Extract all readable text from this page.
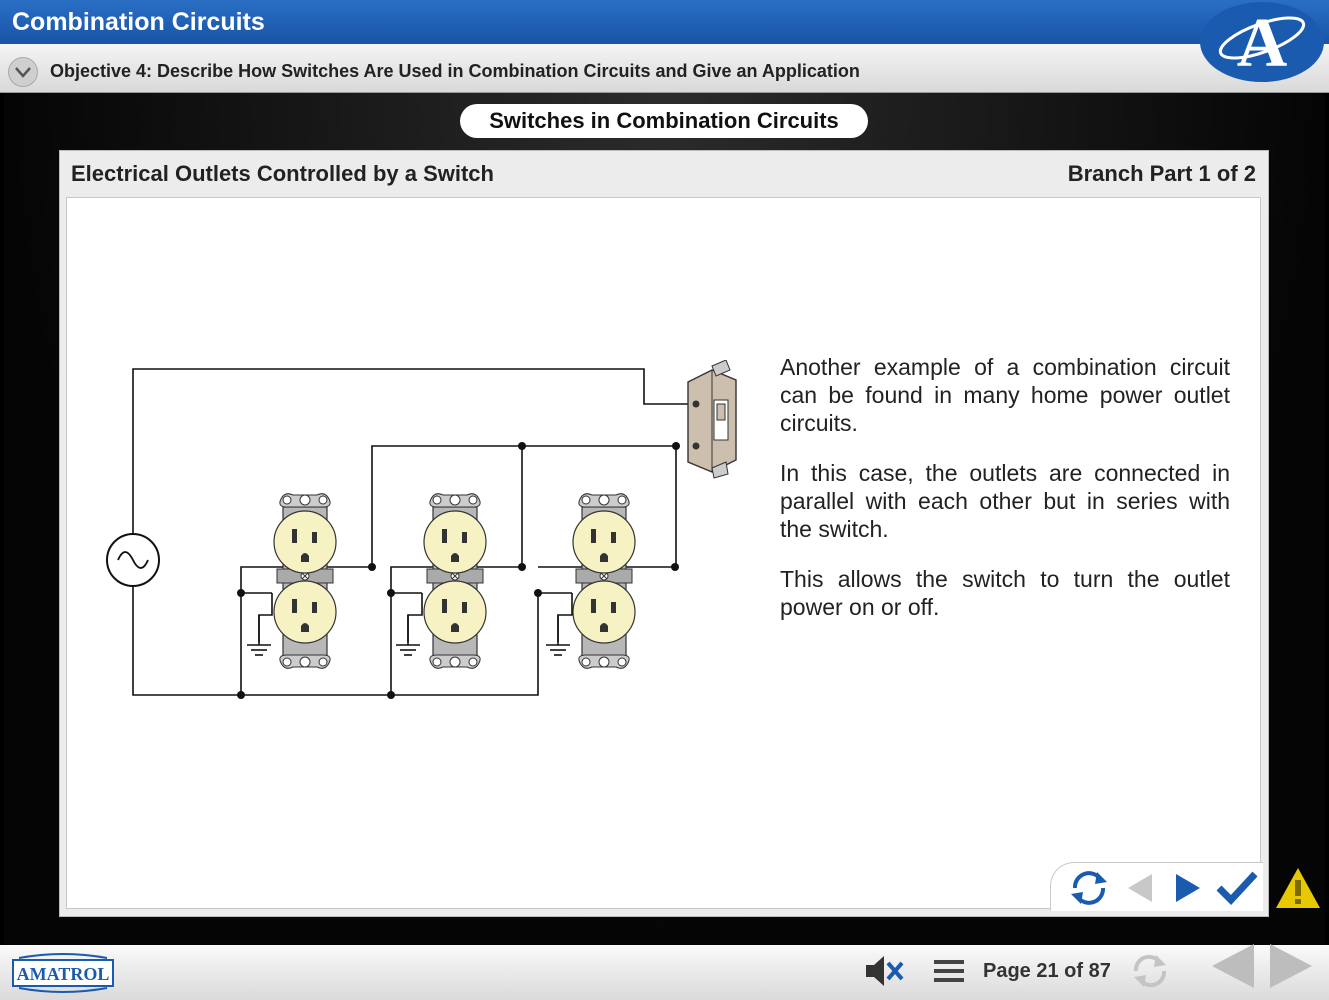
Combination Circuits
Objective 4: Describe How Switches Are Used in Combination Circuits and Give an Application	A
Switches in Combination Circuits
Electrical Outlets Controlled by a Switch	Branch Part 1 of 2

Another example of a combination circuit can be found in many home power outlet circuits.

In this case, the outlets are connected in parallel with each other but in series with the switch.

This allows the switch to turn the outlet power on or off.

AMATROL	Page 21 of 87
